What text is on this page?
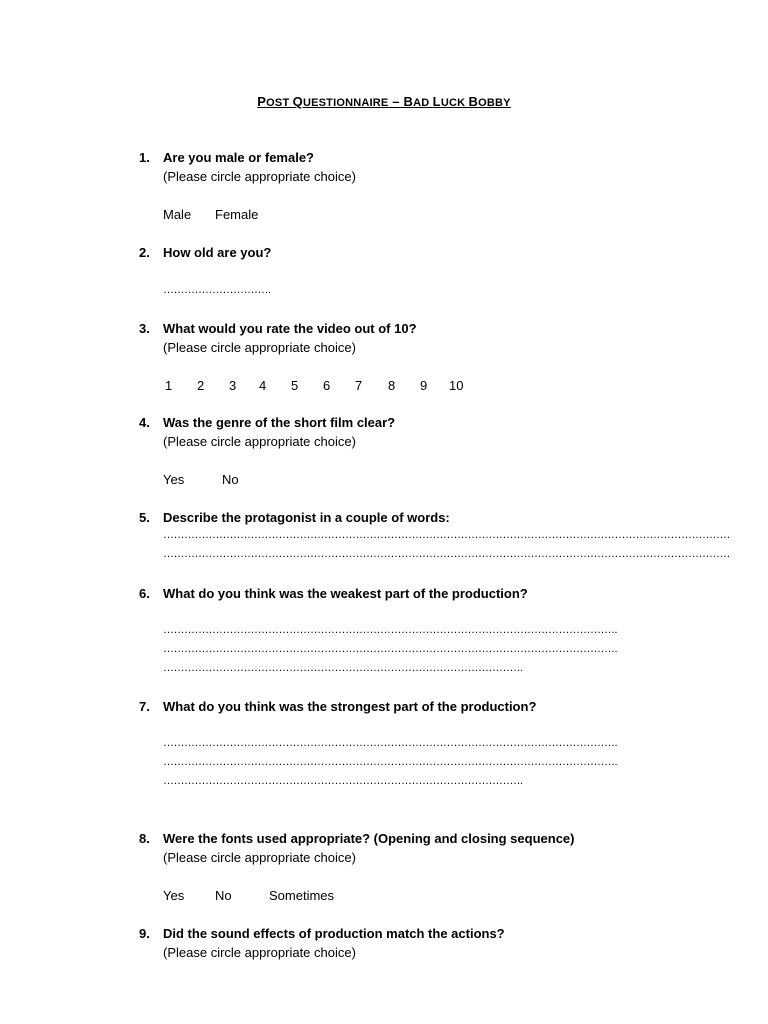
POST QUESTIONNAIRE – BAD LUCK BOBBY
1. Are you male or female?
(Please circle appropriate choice)
Male Female
2. How old are you?
………………………….
3. What would you rate the video out of 10?
(Please circle appropriate choice)
1 2 3 4 5 6 7 8 9 10
4. Was the genre of the short film clear?
(Please circle appropriate choice)
Yes	No
5. Describe the protagonist in a couple of words:
………………………………………………………………………………………………………………………………………………
………………………………………………………………………………………………………………………………………………
6. What do you think was the weakest part of the production?
………………………………………………………………………………………………………………….
………………………………………………………………………………………………………………….
………………………………………………………………………………………….
7. What do you think was the strongest part of the production?
………………………………………………………………………………………………………………….
………………………………………………………………………………………………………………….
………………………………………………………………………………………….
8. Were the fonts used appropriate? (Opening and closing sequence)
(Please circle appropriate choice)
Yes No	Sometimes
9. Did the sound effects of production match the actions?
(Please circle appropriate choice)
